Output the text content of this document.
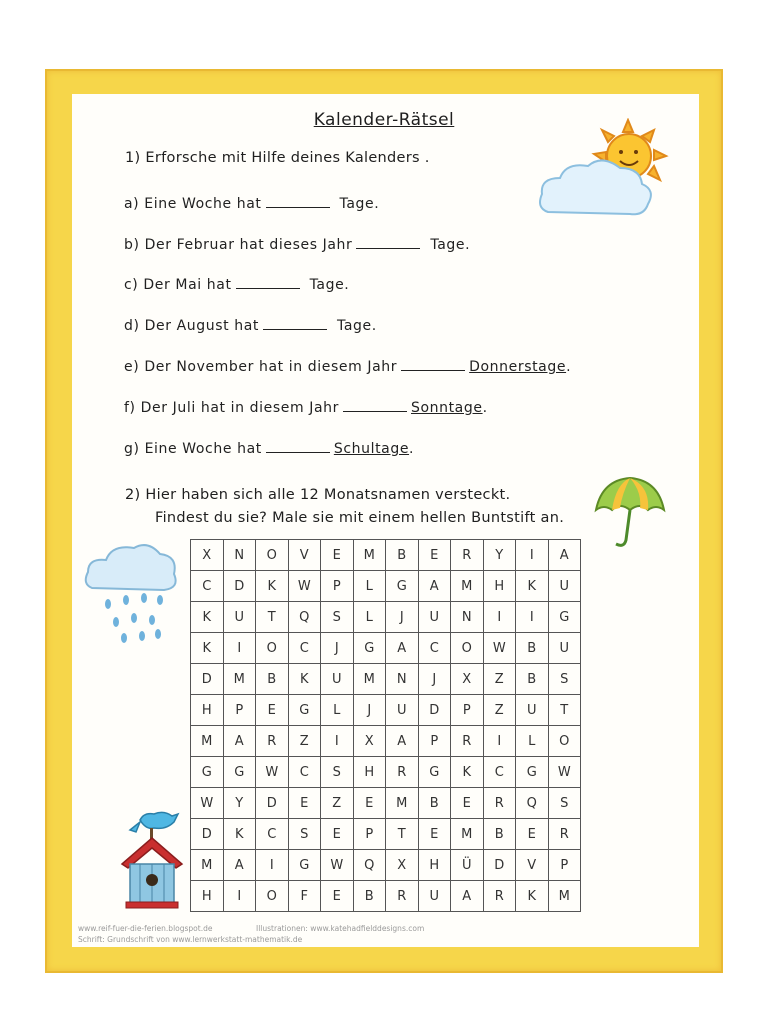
Kalender-Rätsel
1) Erforsche mit Hilfe deines Kalenders .
a) Eine Woche hat	Tage.
b) Der Februar hat dieses Jahr	Tage.
c) Der Mai hat	Tage.
d) Der August hat	Tage.
e) Der November hat in diesem Jahr	Donnerstage.
f) Der Juli hat in diesem Jahr	Sonntage.
g) Eine Woche hat	Schultage.
2) Hier haben sich alle 12 Monatsnamen versteckt.
Findest du sie? Male sie mit einem hellen Buntstift an.
X	N	O	V	E	M	B	E	R	Y	I	A
C	D	K	W	P	L	G	A	M	H	K	U
K	U	T	Q	S	L	J	U	N	I	I	G
K	I	O	C	J	G	A	C	O	W	B	U
D	M	B	K	U	M	N	J	X	Z	B	S
H	P	E	G	L	J	U	D	P	Z	U	T
M	A	R	Z	I	X	A	P	R	I	L	O
G	G	W	C	S	H	R	G	K	C	G	W
W	Y	D	E	Z	E	M	B	E	R	Q	S
D	K	C	S	E	P	T	E	M	B	E	R
M	A	I	G	W	Q	X	H	Ü	D	V	P
H	I	O	F	E	B	R	U	A	R	K	M
www.reif-fuer-die-ferien.blogspot.de
Schrift: Grundschrift von www.lernwerkstatt-mathematik.de
Illustrationen: www.katehadfielddesigns.com
